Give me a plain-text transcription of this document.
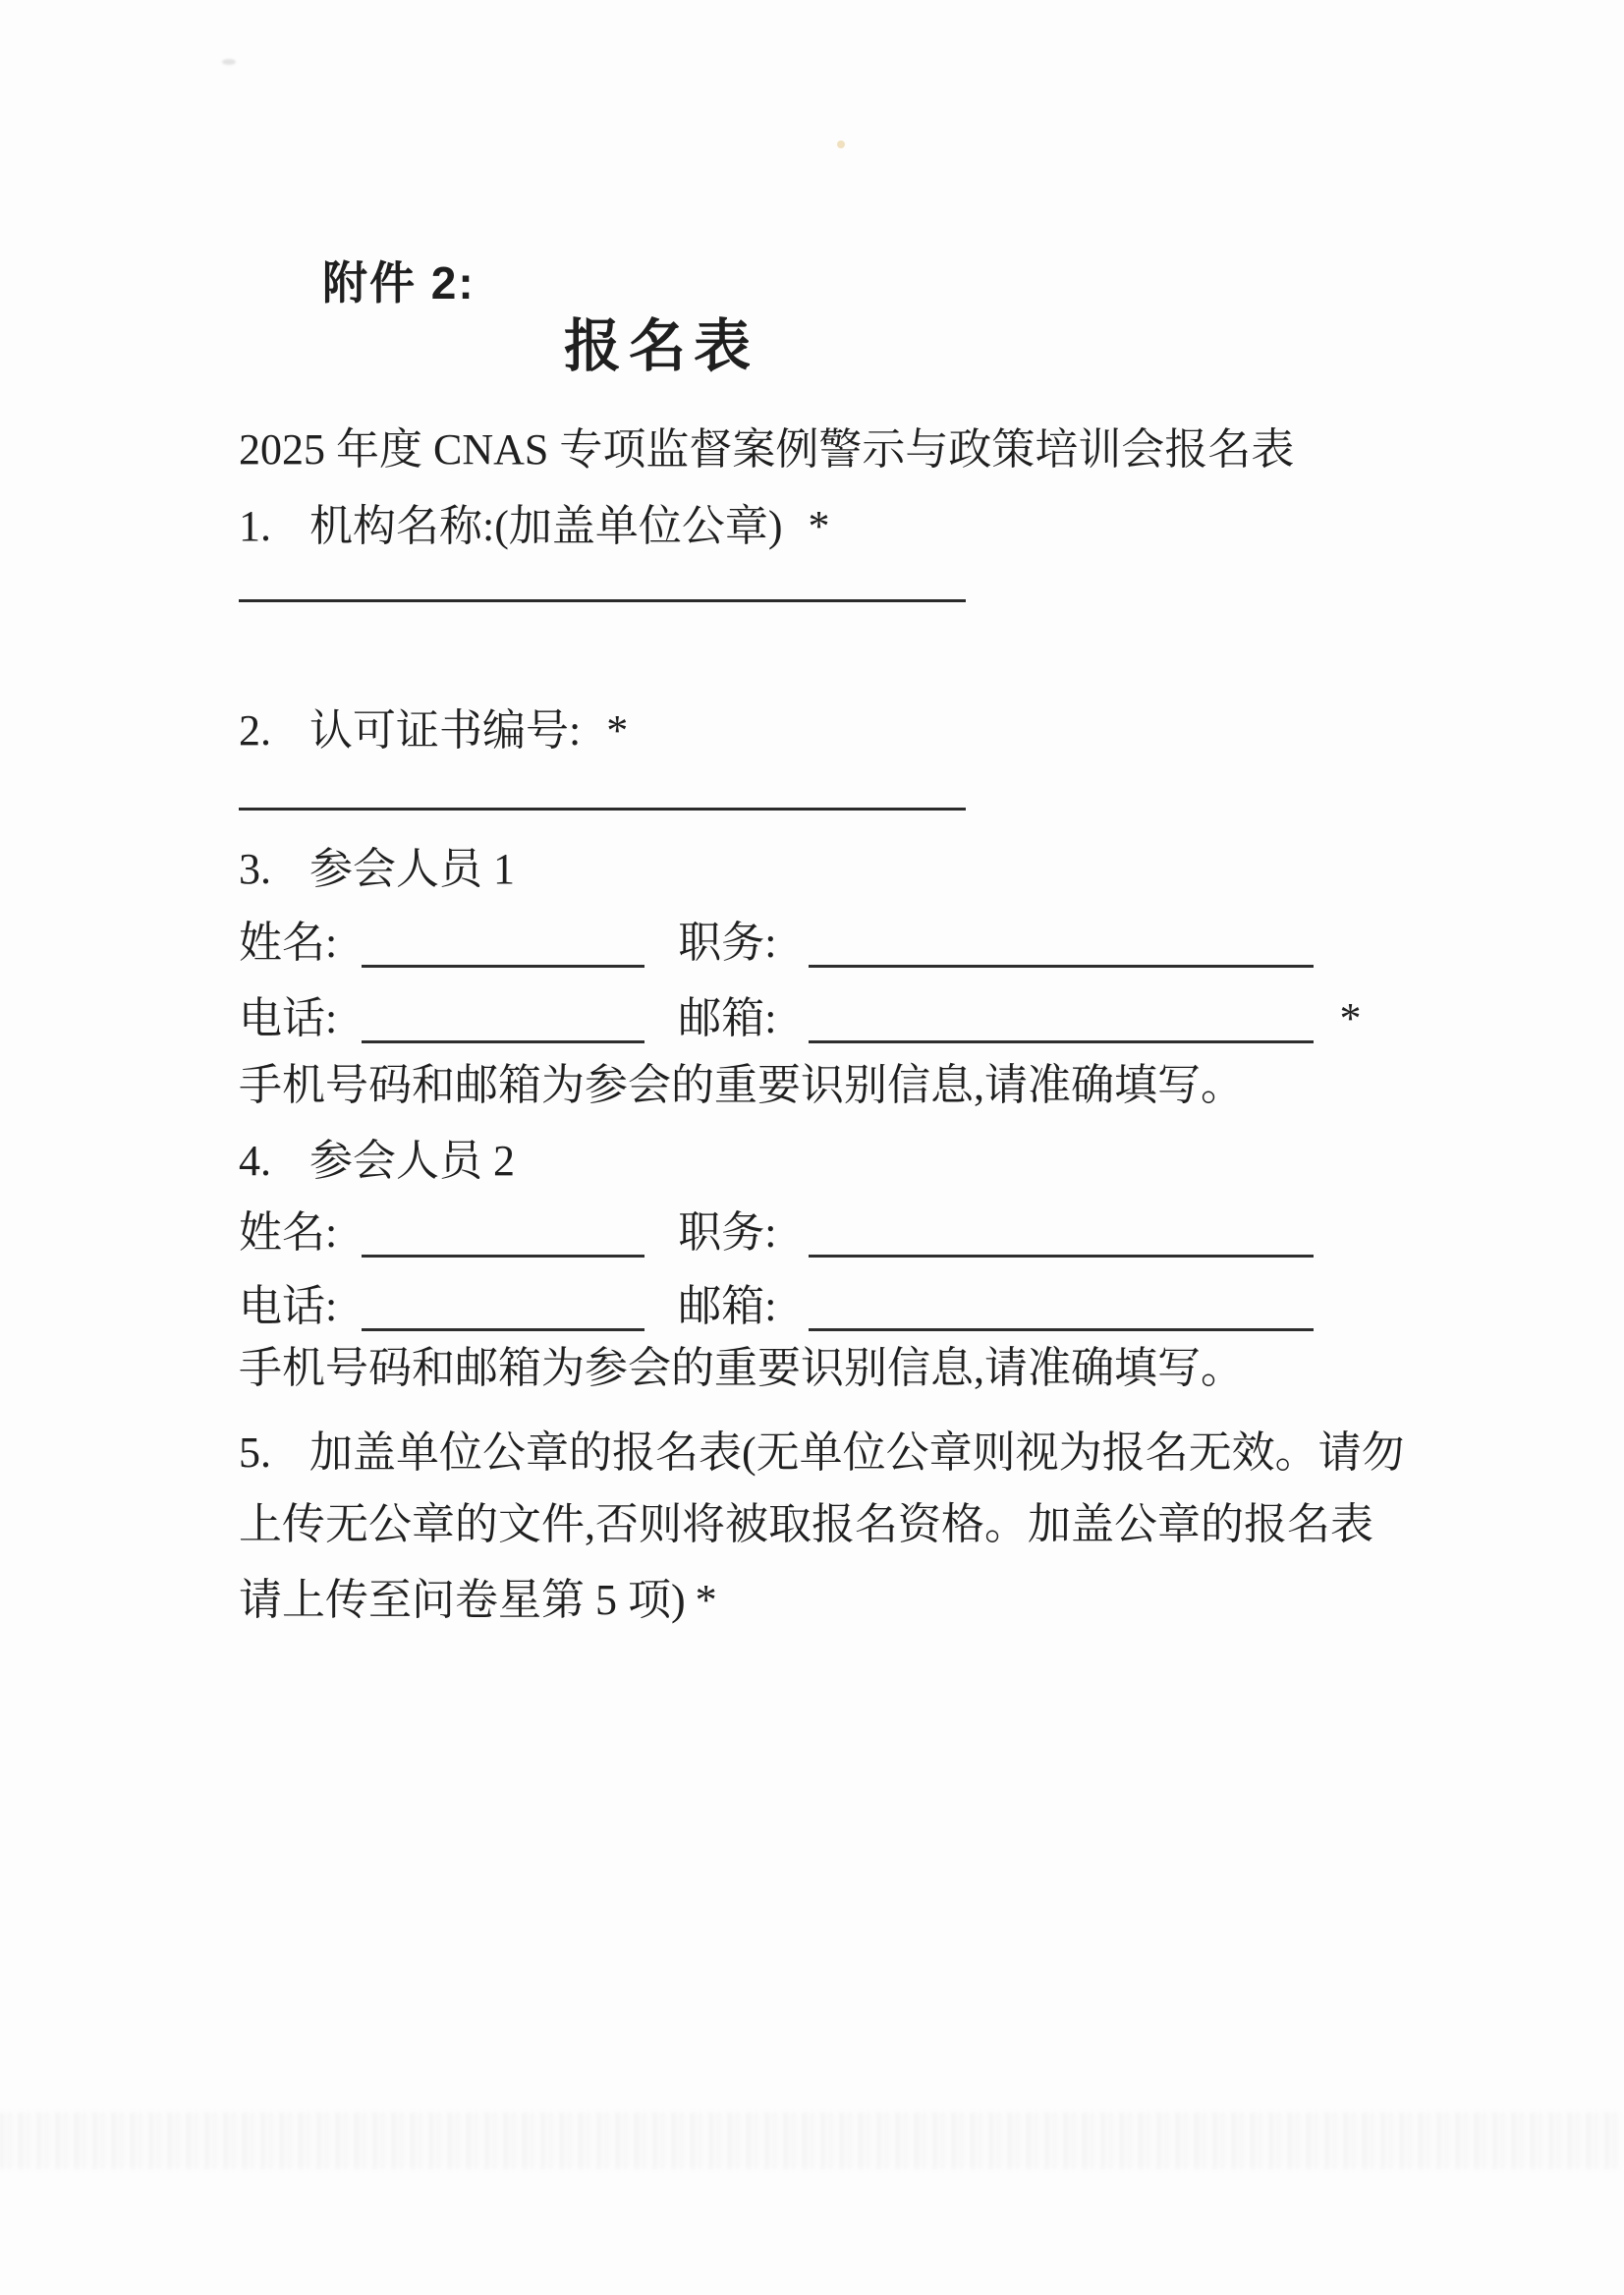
附件 2:
报名表
2025 年度 CNAS 专项监督案例警示与政策培训会报名表
1. 机构名称:(加盖单位公章) *
2. 认可证书编号: *
3. 参会人员 1
姓名:	职务:
电话:	邮箱:	*
手机号码和邮箱为参会的重要识别信息,请准确填写。
4. 参会人员 2
姓名:	职务:
电话:	邮箱:
手机号码和邮箱为参会的重要识别信息,请准确填写。
5. 加盖单位公章的报名表(无单位公章则视为报名无效。请勿
上传无公章的文件,否则将被取报名资格。加盖公章的报名表
请上传至问卷星第 5 项) *
